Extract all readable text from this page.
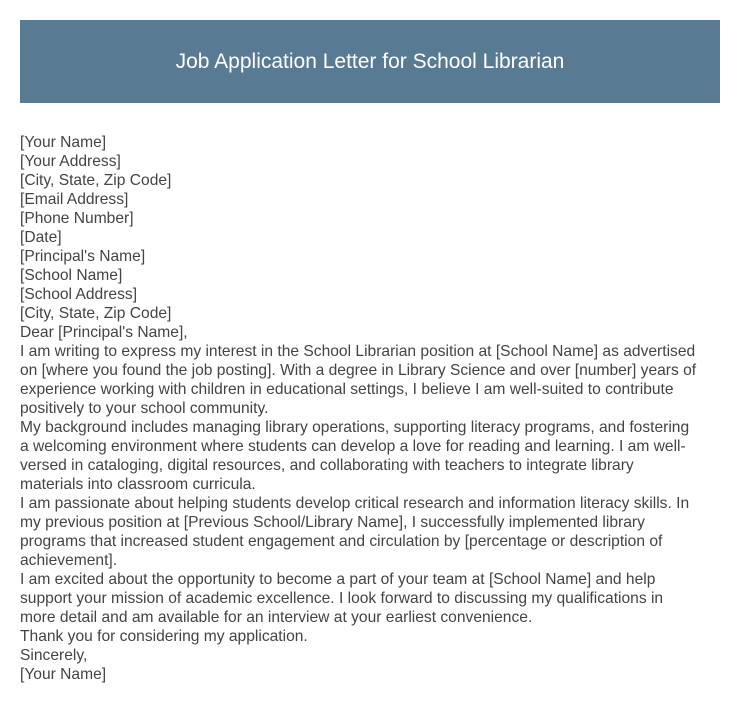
Job Application Letter for School Librarian
[Your Name]
[Your Address]
[City, State, Zip Code]
[Email Address]
[Phone Number]
[Date]
[Principal's Name]
[School Name]
[School Address]
[City, State, Zip Code]
Dear [Principal's Name],
I am writing to express my interest in the School Librarian position at [School Name] as advertised
on [where you found the job posting]. With a degree in Library Science and over [number] years of
experience working with children in educational settings, I believe I am well-suited to contribute
positively to your school community.
My background includes managing library operations, supporting literacy programs, and fostering
a welcoming environment where students can develop a love for reading and learning. I am well-
versed in cataloging, digital resources, and collaborating with teachers to integrate library
materials into classroom curricula.
I am passionate about helping students develop critical research and information literacy skills. In
my previous position at [Previous School/Library Name], I successfully implemented library
programs that increased student engagement and circulation by [percentage or description of
achievement].
I am excited about the opportunity to become a part of your team at [School Name] and help
support your mission of academic excellence. I look forward to discussing my qualifications in
more detail and am available for an interview at your earliest convenience.
Thank you for considering my application.
Sincerely,
[Your Name]
